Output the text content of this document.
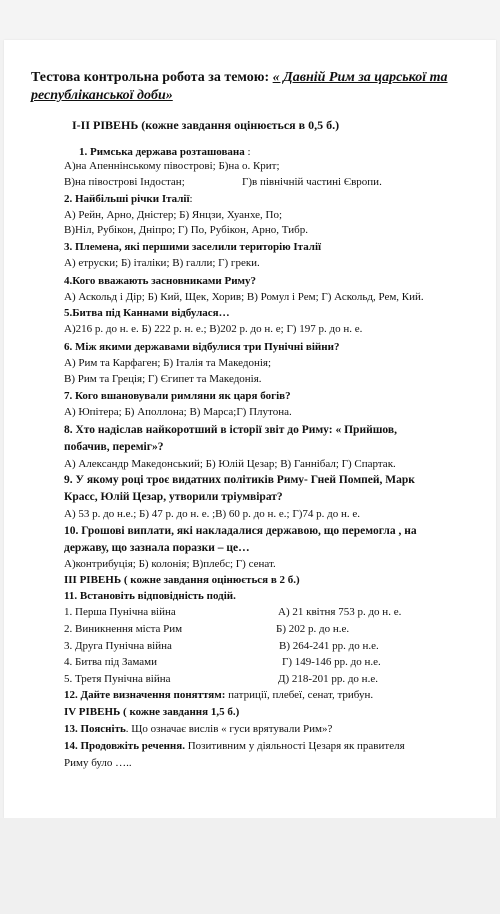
Тестова контрольна робота за темою: « Давній Рим за царської та
республіканської доби»
І-ІІ РІВЕНЬ (кожне завдання оцінюється в 0,5 б.)
1. Римська держава розташована :
А)на Апеннінському півострові; Б)на о. Крит;
В)на півострові Індостан;	Г)в північній частині Європи.
2. Найбільші річки Італії:
А) Рейн, Арно, Дністер; Б) Янцзи, Хуанхе, По;
В)Ніл, Рубікон, Дніпро; Г) По, Рубікон, Арно, Тибр.
3. Племена, які першими заселили територію Італії
А) етруски; Б) італіки; В) галли; Г) греки.
4.Кого вважають засновниками Риму?
А) Аскольд і Дір; Б) Кий, Щек, Хорив; В) Ромул і Рем; Г) Аскольд, Рем, Кий.
5.Битва під Каннами відбулася…
А)216 р. до н. е. Б) 222 р. н. е.; В)202 р. до н. е; Г) 197 р. до н. е.
6. Між якими державами відбулися три Пунічні війни?
А) Рим та Карфаген; Б) Італія та Македонія;
В) Рим та Греція; Г) Єгипет та Македонія.
7. Кого вшановували римляни як царя богів?
А) Юпітера; Б) Аполлона; В) Марса;Г) Плутона.
8. Хто надіслав найкоротший в історії звіт до Риму: « Прийшов,
побачив, переміг»?
А) Александр Македонський; Б) Юлій Цезар; В) Ганнібал; Г) Спартак.
9. У якому році троє видатних політиків Риму- Гней Помпей, Марк
Красс, Юлій Цезар, утворили тріумвірат?
А) 53 р. до н.е.; Б) 47 р. до н. е. ;В) 60 р. до н. е.; Г)74 р. до н. е.
10. Грошові виплати, які накладалися державою, що перемогла , на
державу, що зазнала поразки – це…
А)контрибуція; Б) колонія; В)плебс; Г) сенат.
ІІІ РІВЕНЬ ( кожне завдання оцінюється в 2 б.)
11. Встановіть відповідність подій.
1. Перша Пунічна війна
2. Виникнення міста Рим
3. Друга Пунічна війна
4. Битва під Замами
5. Третя Пунічна війна
А) 21 квітня 753 р. до н. е.
Б) 202 р. до н.е.
В) 264-241 рр. до н.е.
Г) 149-146 рр. до н.е.
Д) 218-201 рр. до н.е.
12. Дайте визначення поняттям: патриції, плебеї, сенат, трибун.
IV РІВЕНЬ ( кожне завдання 1,5 б.)
13. Поясніть. Що означає вислів « гуси врятували Рим»?
14. Продовжіть речення. Позитивним у діяльності Цезаря як правителя
Риму було …..
